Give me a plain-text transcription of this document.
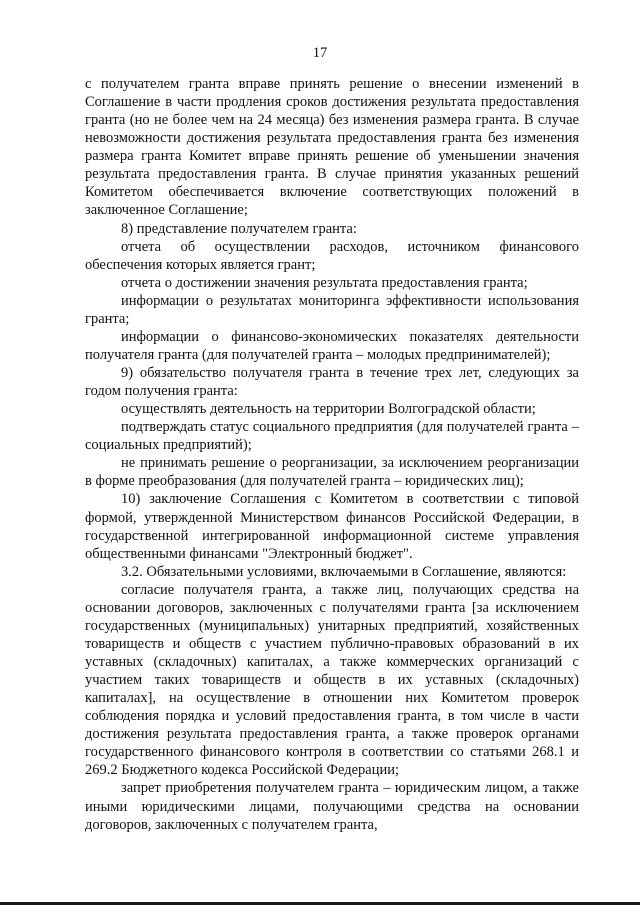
17

с получателем гранта вправе принять решение о внесении изменений в Соглашение в части продления сроков достижения результата предоставления гранта (но не более чем на 24 месяца) без изменения размера гранта. В случае невозможности достижения результата предоставления гранта без изменения размера гранта Комитет вправе принять решение об уменьшении значения результата предоставления гранта. В случае принятия указанных решений Комитетом обеспечивается включение соответствующих положений в заключенное Соглашение;

8) представление получателем гранта:

отчета об осуществлении расходов, источником финансового обеспечения которых является грант;

отчета о достижении значения результата предоставления гранта;

информации о результатах мониторинга эффективности использования гранта;

информации о финансово-экономических показателях деятельности получателя гранта (для получателей гранта – молодых предпринимателей);

9) обязательство получателя гранта в течение трех лет, следующих за годом получения гранта:

осуществлять деятельность на территории Волгоградской области;

подтверждать статус социального предприятия (для получателей гранта – социальных предприятий);

не принимать решение о реорганизации, за исключением реорганизации в форме преобразования (для получателей гранта – юридических лиц);

10) заключение Соглашения с Комитетом в соответствии с типовой формой, утвержденной Министерством финансов Российской Федерации, в государственной интегрированной информационной системе управления общественными финансами "Электронный бюджет".

3.2. Обязательными условиями, включаемыми в Соглашение, являются:

согласие получателя гранта, а также лиц, получающих средства на основании договоров, заключенных с получателями гранта [за исключением государственных (муниципальных) унитарных предприятий, хозяйственных товариществ и обществ с участием публично-правовых образований в их уставных (складочных) капиталах, а также коммерческих организаций с участием таких товариществ и обществ в их уставных (складочных) капиталах], на осуществление в отношении них Комитетом проверок соблюдения порядка и условий предоставления гранта, в том числе в части достижения результата предоставления гранта, а также проверок органами государственного финансового контроля в соответствии со статьями 268.1 и 269.2 Бюджетного кодекса Российской Федерации;

запрет приобретения получателем гранта – юридическим лицом, а также иными юридическими лицами, получающими средства на основании договоров, заключенных с получателем гранта,
